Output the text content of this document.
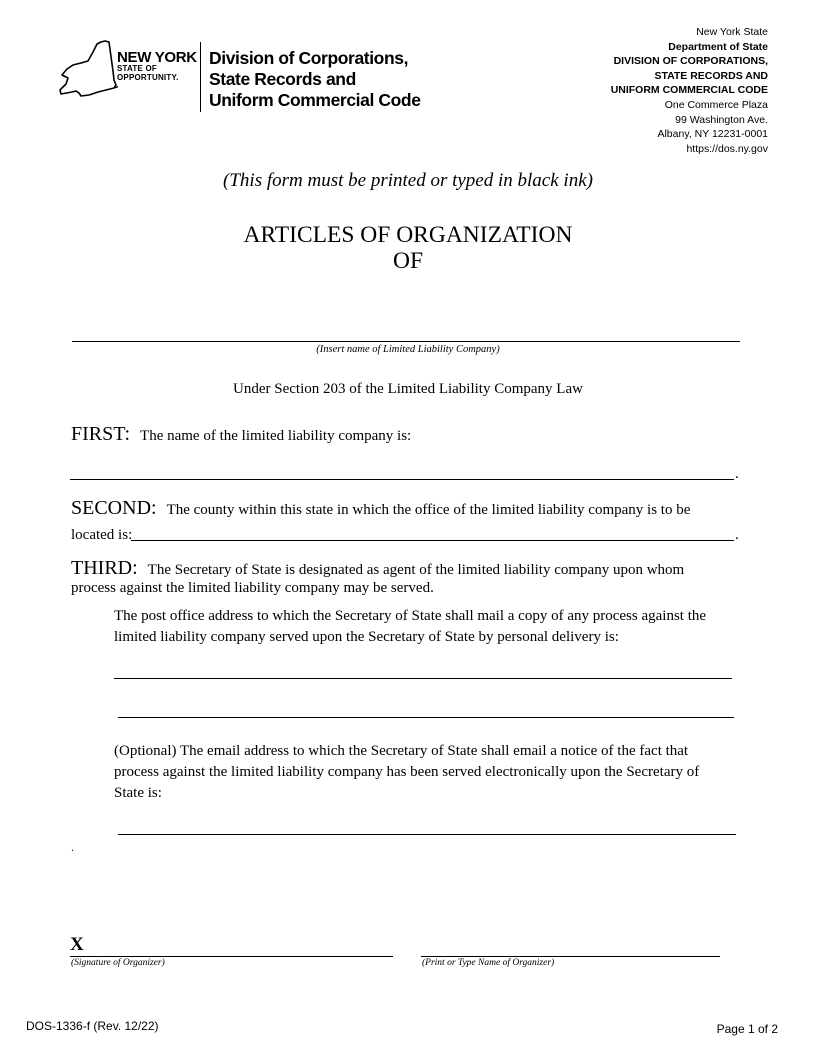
NEW YORK
STATE OF
OPPORTUNITY.
Division of Corporations,
State Records and
Uniform Commercial Code
New York State
Department of State
DIVISION OF CORPORATIONS,
STATE RECORDS AND
UNIFORM COMMERCIAL CODE
One Commerce Plaza
99 Washington Ave.
Albany, NY 12231-0001
https://dos.ny.gov
(This form must be printed or typed in black ink)
ARTICLES OF ORGANIZATION
OF
(Insert name of Limited Liability Company)
Under Section 203 of the Limited Liability Company Law
FIRST: The name of the limited liability company is:
.
SECOND: The county within this state in which the office of the limited liability company is to be
located is:	.
THIRD: The Secretary of State is designated as agent of the limited liability company upon whom
process against the limited liability company may be served.
The post office address to which the Secretary of State shall mail a copy of any process against the
limited liability company served upon the Secretary of State by personal delivery is:
(Optional) The email address to which the Secretary of State shall email a notice of the fact that
process against the limited liability company has been served electronically upon the Secretary of
State is:
.
X
(Signature of Organizer)	(Print or Type Name of Organizer)
DOS-1336-f (Rev. 12/22)	Page 1 of 2
